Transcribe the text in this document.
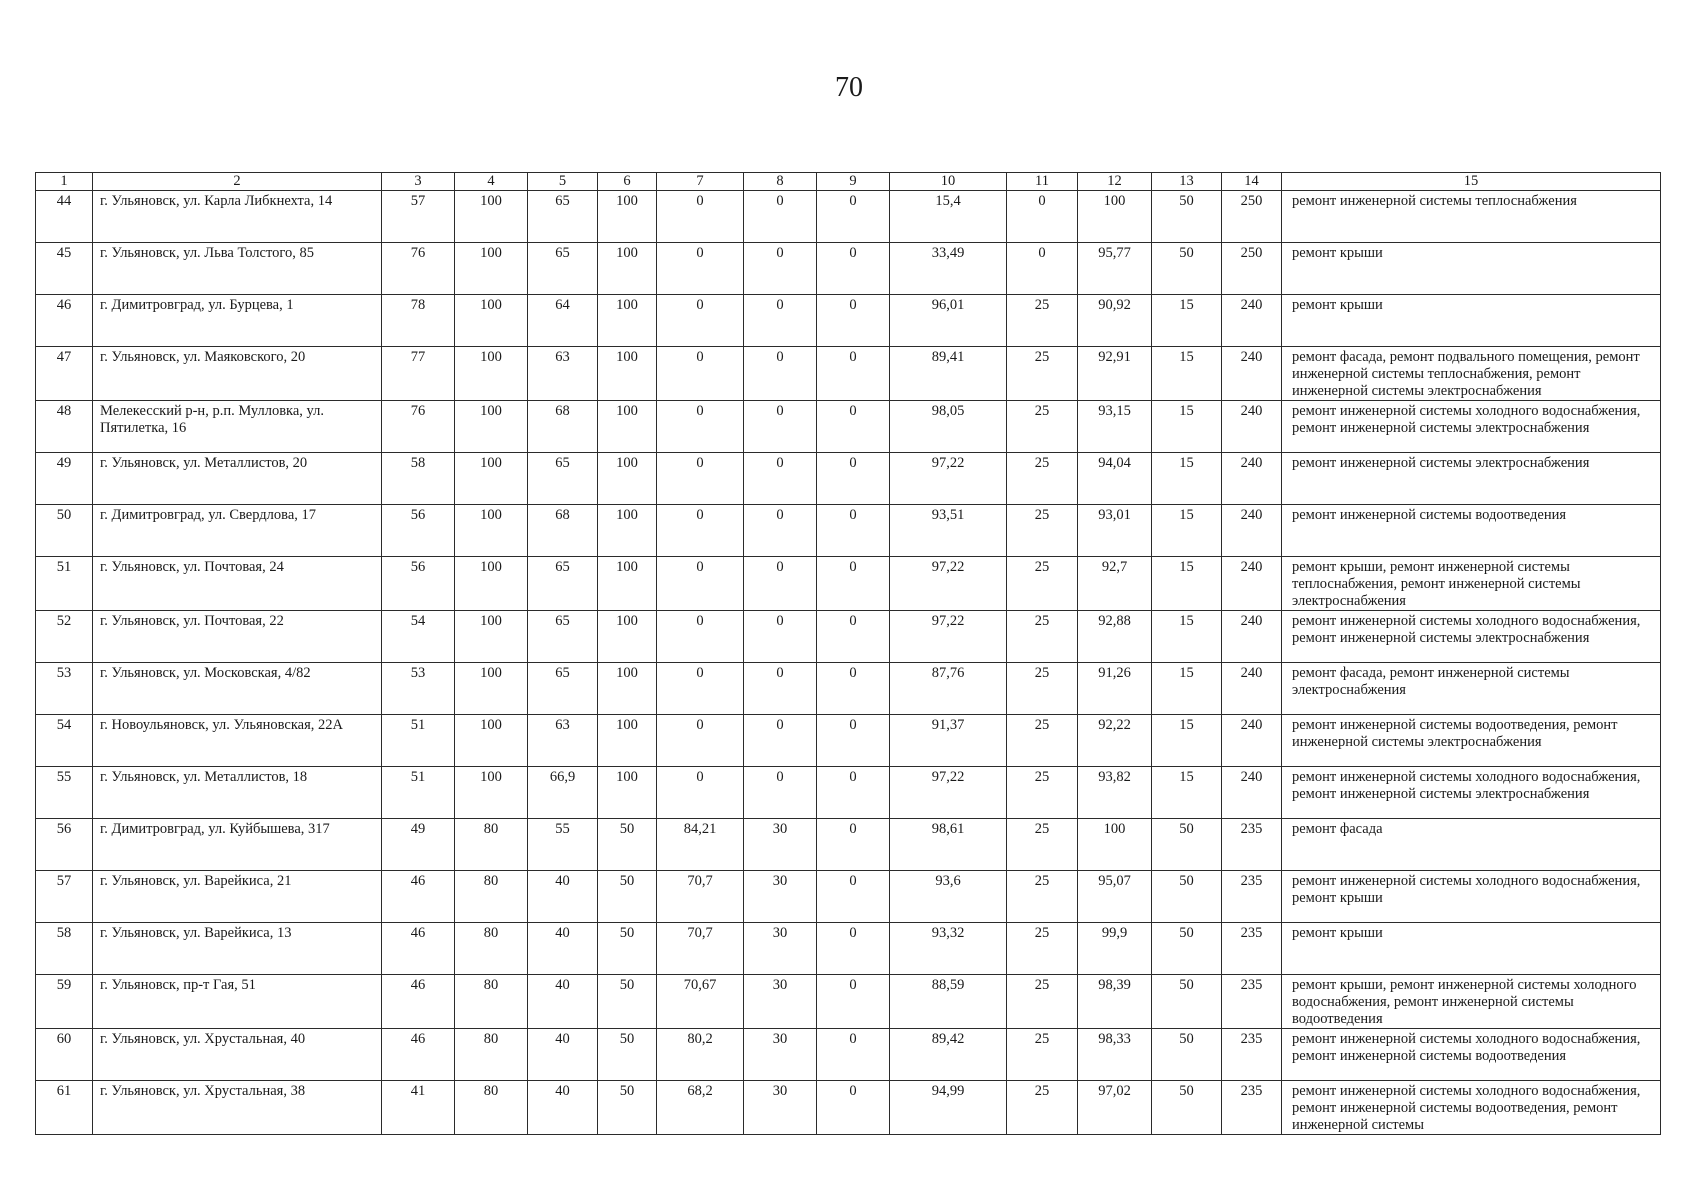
70
1	2	3	4	5	6	7	8	9	10	11	12	13	14	15
44	г. Ульяновск, ул. Карла Либкнехта, 14	57	100	65	100	0	0	0	15,4	0	100	50	250	ремонт инженерной системы теплоснабжения
45	г. Ульяновск, ул. Льва Толстого, 85	76	100	65	100	0	0	0	33,49	0	95,77	50	250	ремонт крыши
46	г. Димитровград, ул. Бурцева, 1	78	100	64	100	0	0	0	96,01	25	90,92	15	240	ремонт крыши
47	г. Ульяновск, ул. Маяковского, 20	77	100	63	100	0	0	0	89,41	25	92,91	15	240	ремонт фасада, ремонт подвального помещения, ремонт инженерной системы теплоснабжения, ремонт инженерной системы электроснабжения
48	Мелекесский р-н, р.п. Мулловка, ул. Пятилетка, 16	76	100	68	100	0	0	0	98,05	25	93,15	15	240	ремонт инженерной системы холодного водоснабжения, ремонт инженерной системы электроснабжения
49	г. Ульяновск, ул. Металлистов, 20	58	100	65	100	0	0	0	97,22	25	94,04	15	240	ремонт инженерной системы электроснабжения
50	г. Димитровград, ул. Свердлова, 17	56	100	68	100	0	0	0	93,51	25	93,01	15	240	ремонт инженерной системы водоотведения
51	г. Ульяновск, ул. Почтовая, 24	56	100	65	100	0	0	0	97,22	25	92,7	15	240	ремонт крыши, ремонт инженерной системы теплоснабжения, ремонт инженерной системы электроснабжения
52	г. Ульяновск, ул. Почтовая, 22	54	100	65	100	0	0	0	97,22	25	92,88	15	240	ремонт инженерной системы холодного водоснабжения, ремонт инженерной системы электроснабжения
53	г. Ульяновск, ул. Московская, 4/82	53	100	65	100	0	0	0	87,76	25	91,26	15	240	ремонт фасада, ремонт инженерной системы электроснабжения
54	г. Новоульяновск, ул. Ульяновская, 22А	51	100	63	100	0	0	0	91,37	25	92,22	15	240	ремонт инженерной системы водоотведения, ремонт инженерной системы электроснабжения
55	г. Ульяновск, ул. Металлистов, 18	51	100	66,9	100	0	0	0	97,22	25	93,82	15	240	ремонт инженерной системы холодного водоснабжения, ремонт инженерной системы электроснабжения
56	г. Димитровград, ул. Куйбышева, 317	49	80	55	50	84,21	30	0	98,61	25	100	50	235	ремонт фасада
57	г. Ульяновск, ул. Варейкиса, 21	46	80	40	50	70,7	30	0	93,6	25	95,07	50	235	ремонт инженерной системы холодного водоснабжения, ремонт крыши
58	г. Ульяновск, ул. Варейкиса, 13	46	80	40	50	70,7	30	0	93,32	25	99,9	50	235	ремонт крыши
59	г. Ульяновск, пр-т Гая, 51	46	80	40	50	70,67	30	0	88,59	25	98,39	50	235	ремонт крыши, ремонт инженерной системы холодного водоснабжения, ремонт инженерной системы водоотведения
60	г. Ульяновск, ул. Хрустальная, 40	46	80	40	50	80,2	30	0	89,42	25	98,33	50	235	ремонт инженерной системы холодного водоснабжения, ремонт инженерной системы водоотведения
61	г. Ульяновск, ул. Хрустальная, 38	41	80	40	50	68,2	30	0	94,99	25	97,02	50	235	ремонт инженерной системы холодного водоснабжения, ремонт инженерной системы водоотведения, ремонт инженерной системы
